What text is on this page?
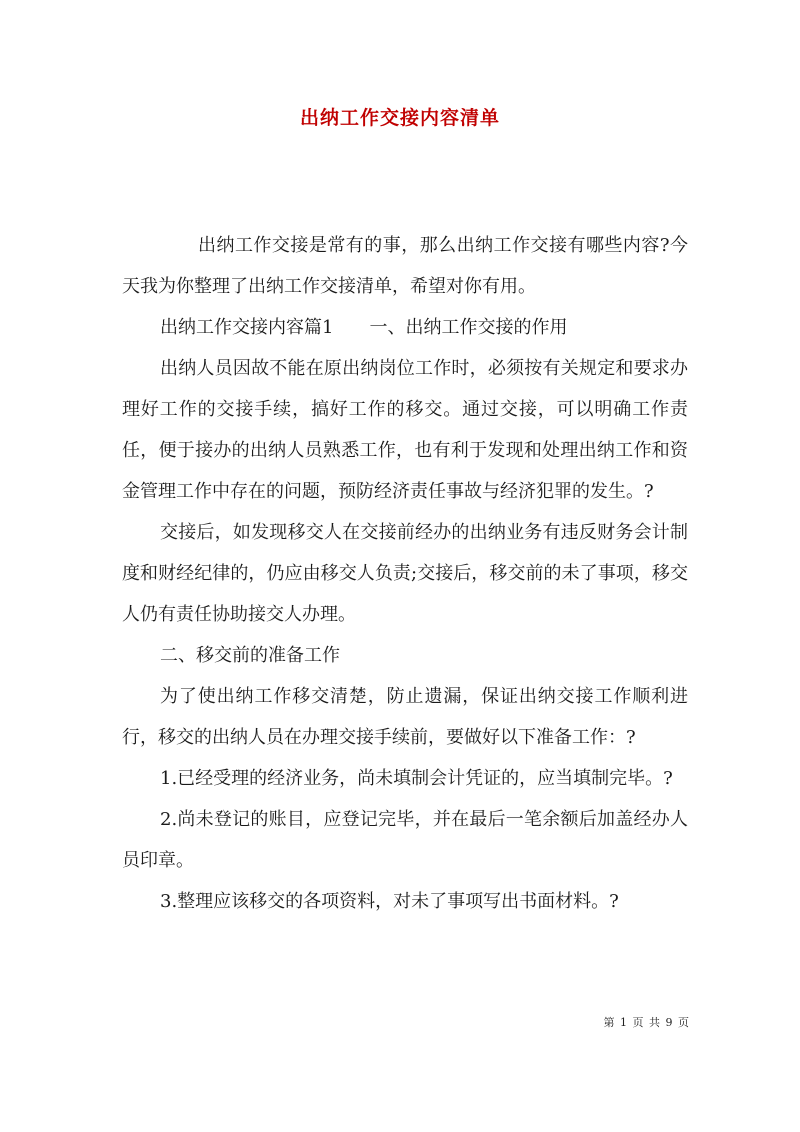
出纳工作交接内容清单

出纳工作交接是常有的事，那么出纳工作交接有哪些内容?今天我为你整理了出纳工作交接清单，希望对你有用。

出纳工作交接内容篇1　　一、出纳工作交接的作用

出纳人员因故不能在原出纳岗位工作时，必须按有关规定和要求办理好工作的交接手续，搞好工作的移交。通过交接，可以明确工作责任，便于接办的出纳人员熟悉工作，也有利于发现和处理出纳工作和资金管理工作中存在的问题，预防经济责任事故与经济犯罪的发生。?

交接后，如发现移交人在交接前经办的出纳业务有违反财务会计制度和财经纪律的，仍应由移交人负责;交接后，移交前的未了事项，移交人仍有责任协助接交人办理。

二、移交前的准备工作

为了使出纳工作移交清楚，防止遗漏，保证出纳交接工作顺利进行，移交的出纳人员在办理交接手续前，要做好以下准备工作：?

1.已经受理的经济业务，尚未填制会计凭证的，应当填制完毕。?

2.尚未登记的账目，应登记完毕，并在最后一笔余额后加盖经办人员印章。

3.整理应该移交的各项资料，对未了事项写出书面材料。?

第 1 页 共 9 页
